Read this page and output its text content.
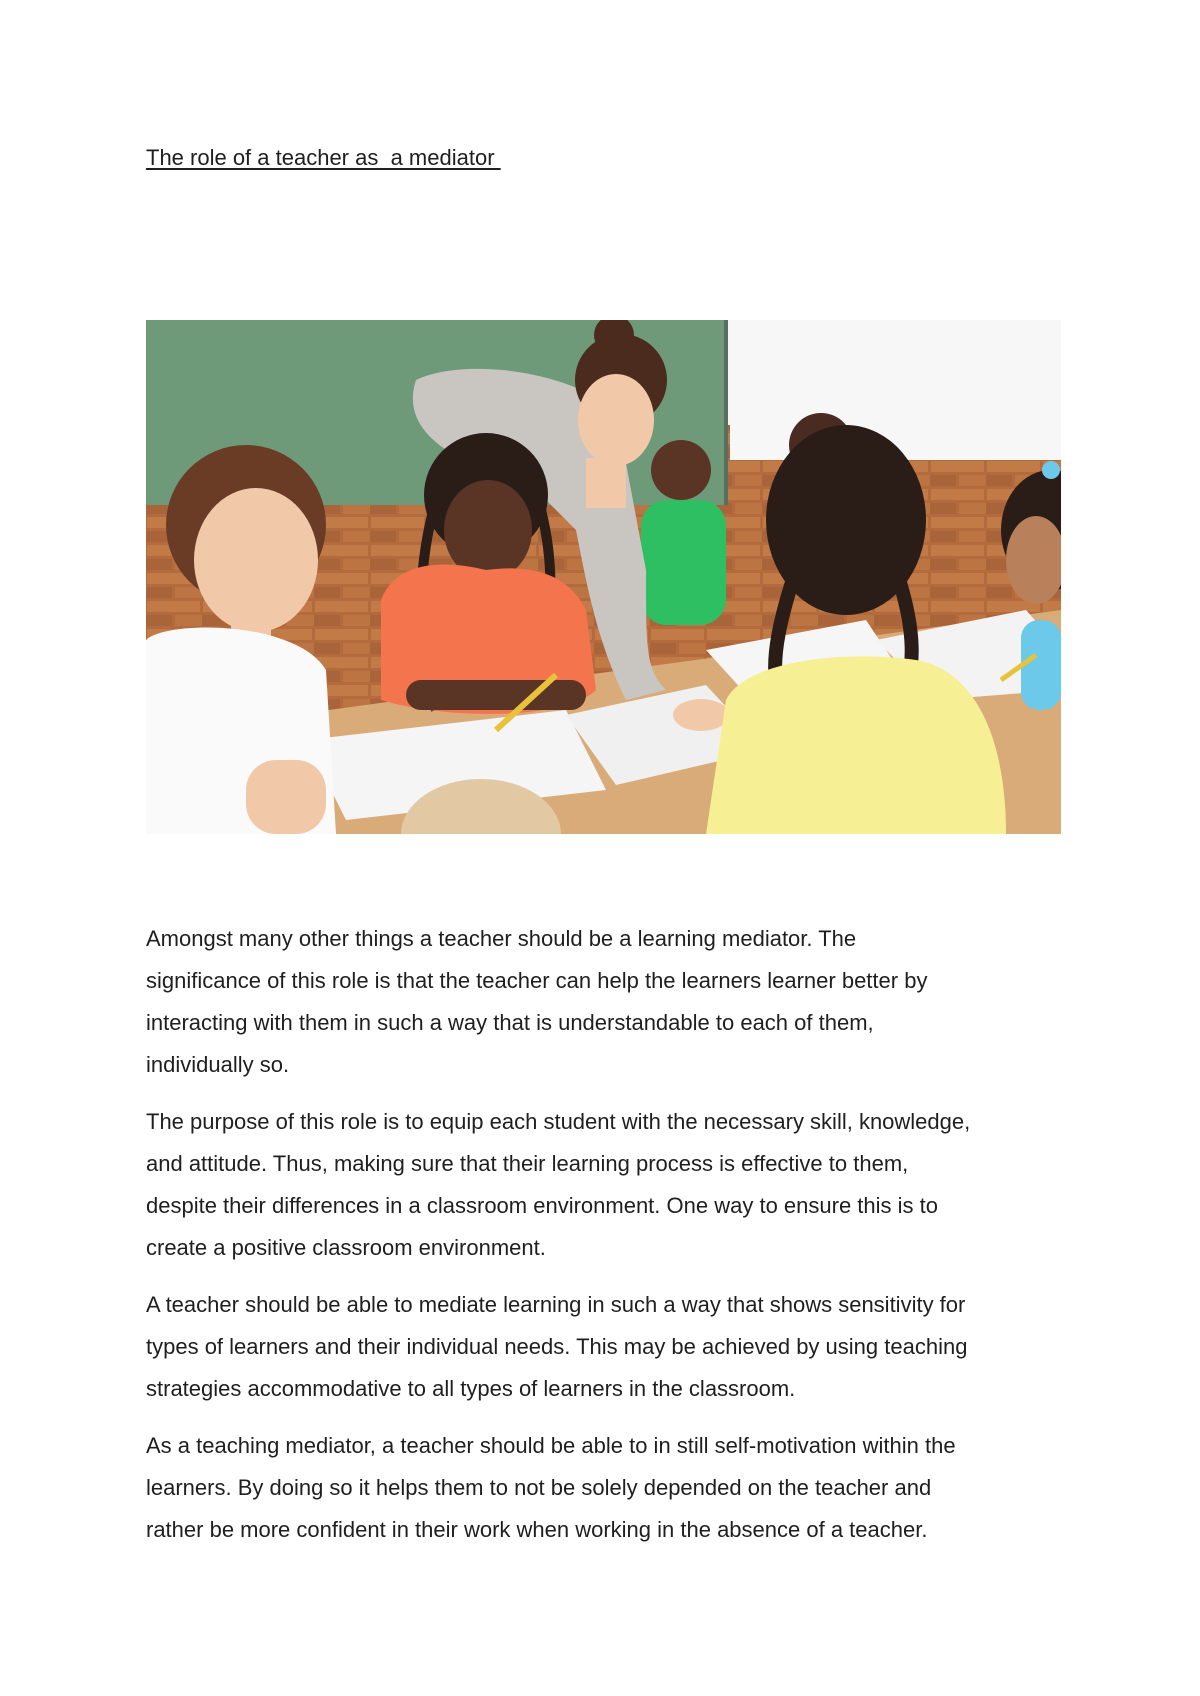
The role of a teacher as  a mediator

Amongst many other things a teacher should be a learning mediator. The
significance of this role is that the teacher can help the learners learner better by
interacting with them in such a way that is understandable to each of them,
individually so.

The purpose of this role is to equip each student with the necessary skill, knowledge,
and attitude. Thus, making sure that their learning process is effective to them,
despite their differences in a classroom environment. One way to ensure this is to
create a positive classroom environment.

A teacher should be able to mediate learning in such a way that shows sensitivity for
types of learners and their individual needs. This may be achieved by using teaching
strategies accommodative to all types of learners in the classroom.

As a teaching mediator, a teacher should be able to in still self-motivation within the
learners. By doing so it helps them to not be solely depended on the teacher and
rather be more confident in their work when working in the absence of a teacher.
